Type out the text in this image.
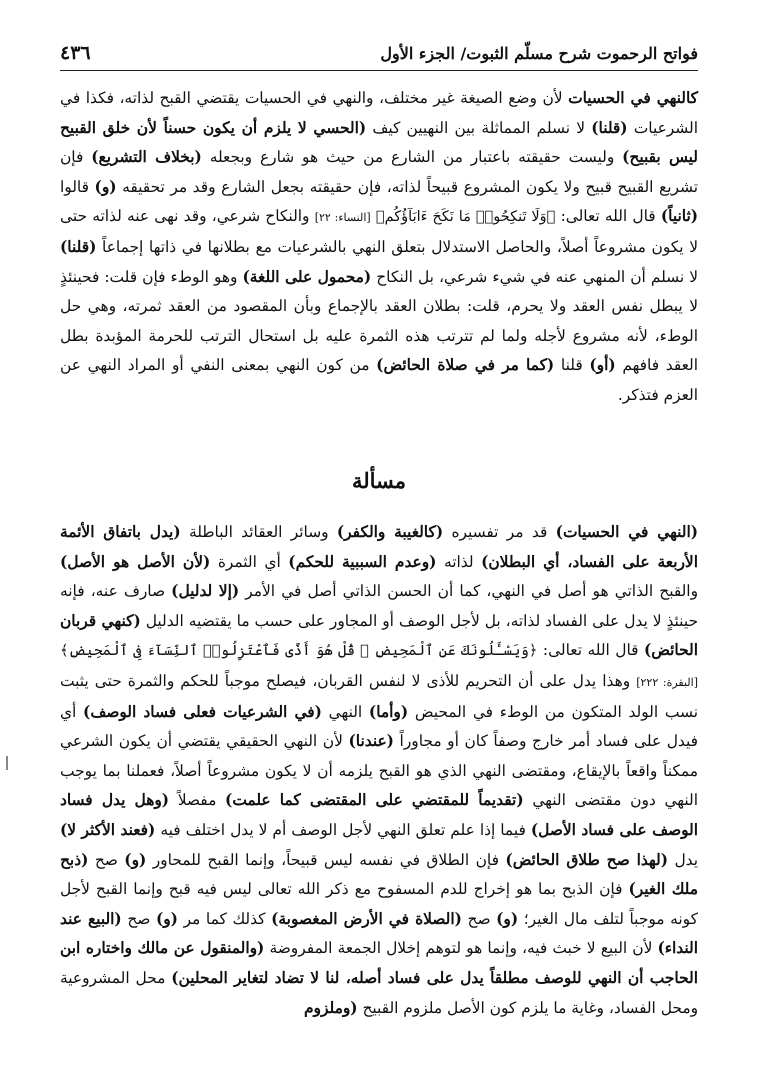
٤٣٦	فواتح الرحموت شرح مسلّم الثبوت/ الجزء الأول

كالنهي في الحسيات لأن وضع الصيغة غير مختلف، والنهي في الحسيات يقتضي القبح لذاته، فكذا في الشرعيات (قلنا) لا نسلم المماثلة بين النهيين كيف (الحسي لا يلزم أن يكون حسناً لأن خلق القبيح ليس بقبيح) وليست حقيقته باعتبار من الشارع من حيث هو شارع وبجعله (بخلاف التشريع) فإن تشريع القبيح قبيح ولا يكون المشروع قبيحاً لذاته، فإن حقيقته بجعل الشارع وقد مر تحقيقه (و) قالوا (ثانياً) قال الله تعالى: ﴿وَلَا تَنكِحُوا۟ مَا نَكَحَ ءَابَآؤُكُم﴾ [النساء: ٢٢] والنكاح شرعي، وقد نهى عنه لذاته حتى لا يكون مشروعاً أصلاً، والحاصل الاستدلال بتعلق النهي بالشرعيات مع بطلانها في ذاتها إجماعاً (قلنا) لا نسلم أن المنهي عنه في شيء شرعي، بل النكاح (محمول على اللغة) وهو الوطء فإن قلت: فحينئذٍ لا يبطل نفس العقد ولا يحرم، قلت: بطلان العقد بالإجماع وبأن المقصود من العقد ثمرته، وهي حل الوطء، لأنه مشروع لأجله ولما لم تترتب هذه الثمرة عليه بل استحال الترتب للحرمة المؤبدة بطل العقد فافهم (أو) قلنا (كما مر في صلاة الحائض) من كون النهي بمعنى النفي أو المراد النهي عن العزم فتذكر.

مسألة

(النهي في الحسيات) قد مر تفسيره (كالغيبة والكفر) وسائر العقائد الباطلة (يدل باتفاق الأئمة الأربعة على الفساد، أي البطلان) لذاته (وعدم السببية للحكم) أي الثمرة (لأن الأصل هو الأصل) والقبح الذاتي هو أصل في النهي، كما أن الحسن الذاتي أصل في الأمر (إلا لدليل) صارف عنه، فإنه حينئذٍ لا يدل على الفساد لذاته، بل لأجل الوصف أو المجاور على حسب ما يقتضيه الدليل (كنهي قربان الحائض) قال الله تعالى: ﴿وَيَسْـَٔلُونَكَ عَنِ ٱلْمَحِيضِ ۖ قُلْ هُوَ أَذًى فَٱعْتَزِلُوا۟ ٱلنِّسَآءَ فِى ٱلْمَحِيضِ﴾ [البقرة: ٢٢٢] وهذا يدل على أن التحريم للأذى لا لنفس القربان، فيصلح موجباً للحكم والثمرة حتى يثبت نسب الولد المتكون من الوطء في المحيض (وأما) النهي (في الشرعيات فعلى فساد الوصف) أي فيدل على فساد أمر خارج وصفاً كان أو مجاوراً (عندنا) لأن النهي الحقيقي يقتضي أن يكون الشرعي ممكناً واقعاً بالإيقاع، ومقتضى النهي الذي هو القبح يلزمه أن لا يكون مشروعاً أصلاً، فعملنا بما يوجب النهي دون مقتضى النهي (تقديماً للمقتضي على المقتضى كما علمت) مفصلاً (وهل يدل فساد الوصف على فساد الأصل) فيما إذا علم تعلق النهي لأجل الوصف أم لا يدل اختلف فيه (فعند الأكثر لا) يدل (لهذا صح طلاق الحائض) فإن الطلاق في نفسه ليس قبيحاً، وإنما القبح للمحاور (و) صح (ذبح ملك الغير) فإن الذبح بما هو إخراج للدم المسفوح مع ذكر الله تعالى ليس فيه قبح وإنما القبح لأجل كونه موجباً لتلف مال الغير؛ (و) صح (الصلاة في الأرض المغصوبة) كذلك كما مر (و) صح (البيع عند النداء) لأن البيع لا خبث فيه، وإنما هو لتوهم إخلال الجمعة المفروضة (والمنقول عن مالك واختاره ابن الحاجب أن النهي للوصف مطلقاً يدل على فساد أصله، لنا لا تضاد لتغاير المحلين) محل المشروعية ومحل الفساد، وغاية ما يلزم كون الأصل ملزوم القبيح (وملزوم
